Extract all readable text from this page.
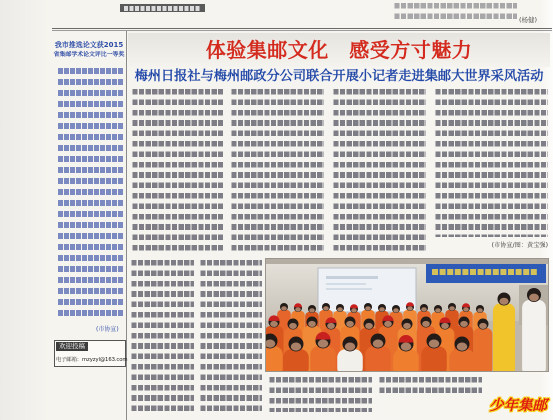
(杨健)
我市推选论文获2015
省集邮学术论文评比一等奖
(市协宣)
欢迎投稿
电子邮箱：mzyzyl@163.com
体验集邮文化　感受方寸魅力
梅州日报社与梅州邮政分公司联合开展小记者走进集邮大世界采风活动
(市协宣/图：黄宝强)
少年集邮
